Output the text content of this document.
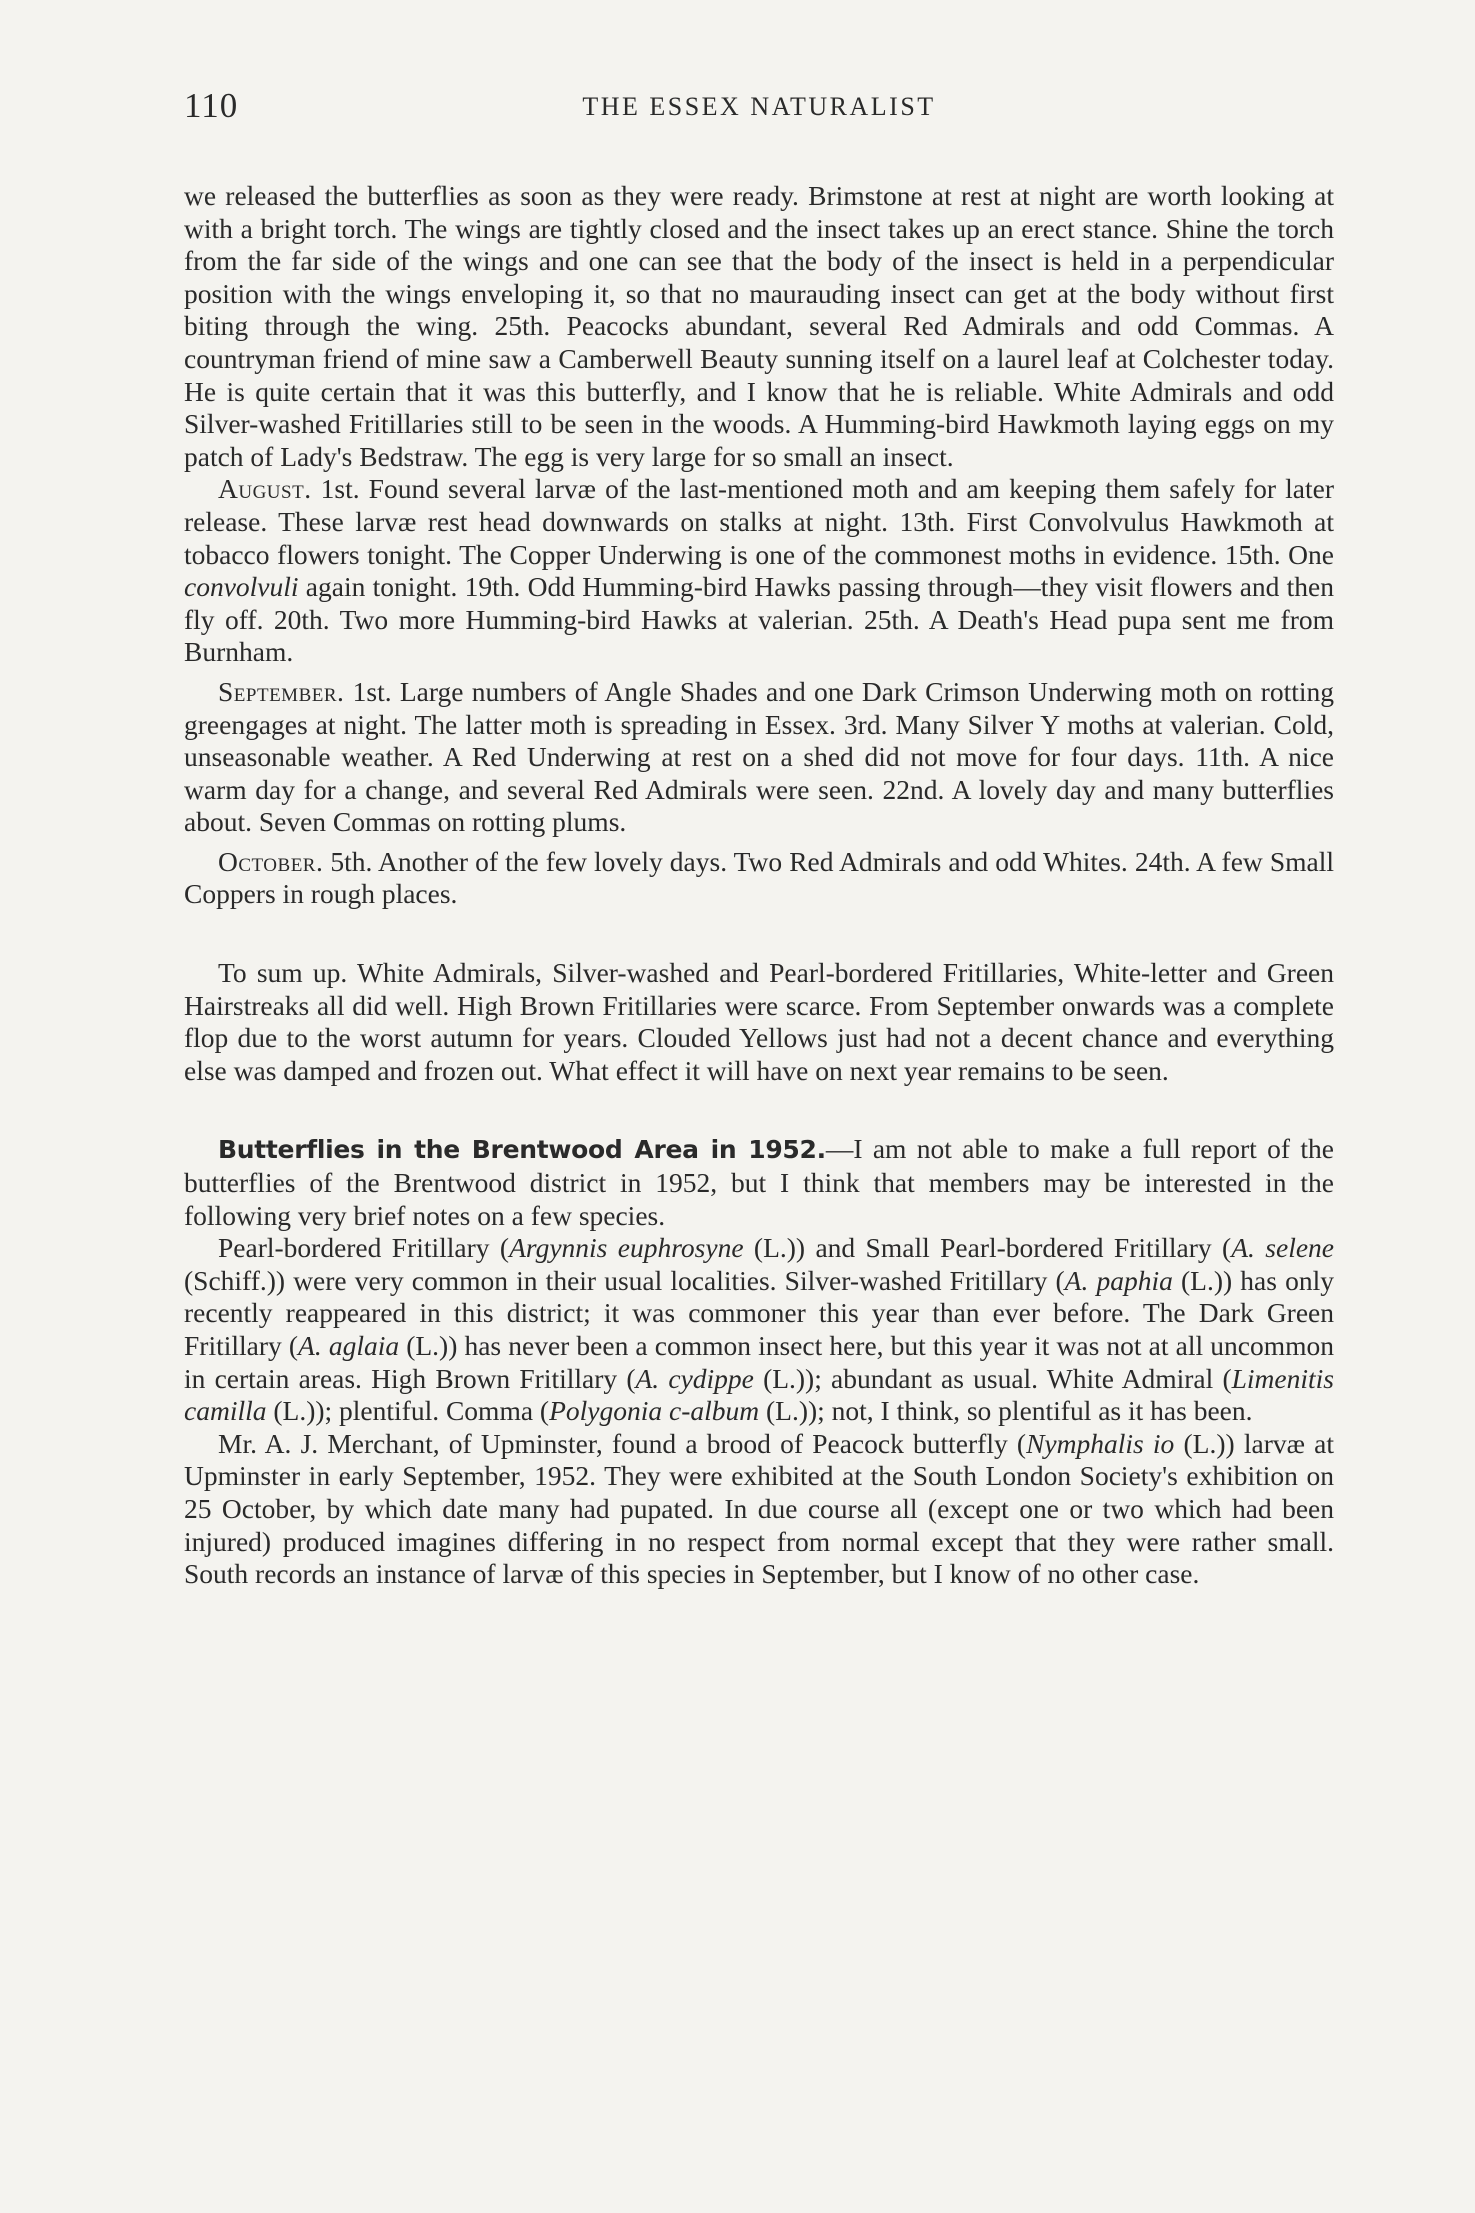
110	THE ESSEX NATURALIST

we released the butterflies as soon as they were ready. Brimstone at rest at night are worth looking at with a bright torch. The wings are tightly closed and the insect takes up an erect stance. Shine the torch from the far side of the wings and one can see that the body of the insect is held in a perpendicular position with the wings enveloping it, so that no maurauding insect can get at the body without first biting through the wing. 25th. Peacocks abundant, several Red Admirals and odd Commas. A countryman friend of mine saw a Camberwell Beauty sunning itself on a laurel leaf at Colchester today. He is quite certain that it was this butterfly, and I know that he is reliable. White Admirals and odd Silver-washed Fritillaries still to be seen in the woods. A Humming-bird Hawkmoth laying eggs on my patch of Lady's Bedstraw. The egg is very large for so small an insect.

August. 1st. Found several larvæ of the last-mentioned moth and am keeping them safely for later release. These larvæ rest head downwards on stalks at night. 13th. First Convolvulus Hawkmoth at tobacco flowers tonight. The Copper Underwing is one of the commonest moths in evidence. 15th. One convolvuli again tonight. 19th. Odd Humming-bird Hawks passing through—they visit flowers and then fly off. 20th. Two more Humming-bird Hawks at valerian. 25th. A Death's Head pupa sent me from Burnham.

September. 1st. Large numbers of Angle Shades and one Dark Crimson Underwing moth on rotting greengages at night. The latter moth is spreading in Essex. 3rd. Many Silver Y moths at valerian. Cold, unseasonable weather. A Red Underwing at rest on a shed did not move for four days. 11th. A nice warm day for a change, and several Red Admirals were seen. 22nd. A lovely day and many butterflies about. Seven Commas on rotting plums.

October. 5th. Another of the few lovely days. Two Red Admirals and odd Whites. 24th. A few Small Coppers in rough places.

To sum up. White Admirals, Silver-washed and Pearl-bordered Fritillaries, White-letter and Green Hairstreaks all did well. High Brown Fritillaries were scarce. From September onwards was a complete flop due to the worst autumn for years. Clouded Yellows just had not a decent chance and everything else was damped and frozen out. What effect it will have on next year remains to be seen.

Butterflies in the Brentwood Area in 1952.—I am not able to make a full report of the butterflies of the Brentwood district in 1952, but I think that members may be interested in the following very brief notes on a few species.

Pearl-bordered Fritillary (Argynnis euphrosyne (L.)) and Small Pearl-bordered Fritillary (A. selene (Schiff.)) were very common in their usual localities. Silver-washed Fritillary (A. paphia (L.)) has only recently reappeared in this district; it was commoner this year than ever before. The Dark Green Fritillary (A. aglaia (L.)) has never been a common insect here, but this year it was not at all uncommon in certain areas. High Brown Fritillary (A. cydippe (L.)); abundant as usual. White Admiral (Limenitis camilla (L.)); plentiful. Comma (Polygonia c-album (L.)); not, I think, so plentiful as it has been.

Mr. A. J. Merchant, of Upminster, found a brood of Peacock butterfly (Nymphalis io (L.)) larvæ at Upminster in early September, 1952. They were exhibited at the South London Society's exhibition on 25 October, by which date many had pupated. In due course all (except one or two which had been injured) produced imagines differing in no respect from normal except that they were rather small. South records an instance of larvæ of this species in September, but I know of no other case.
